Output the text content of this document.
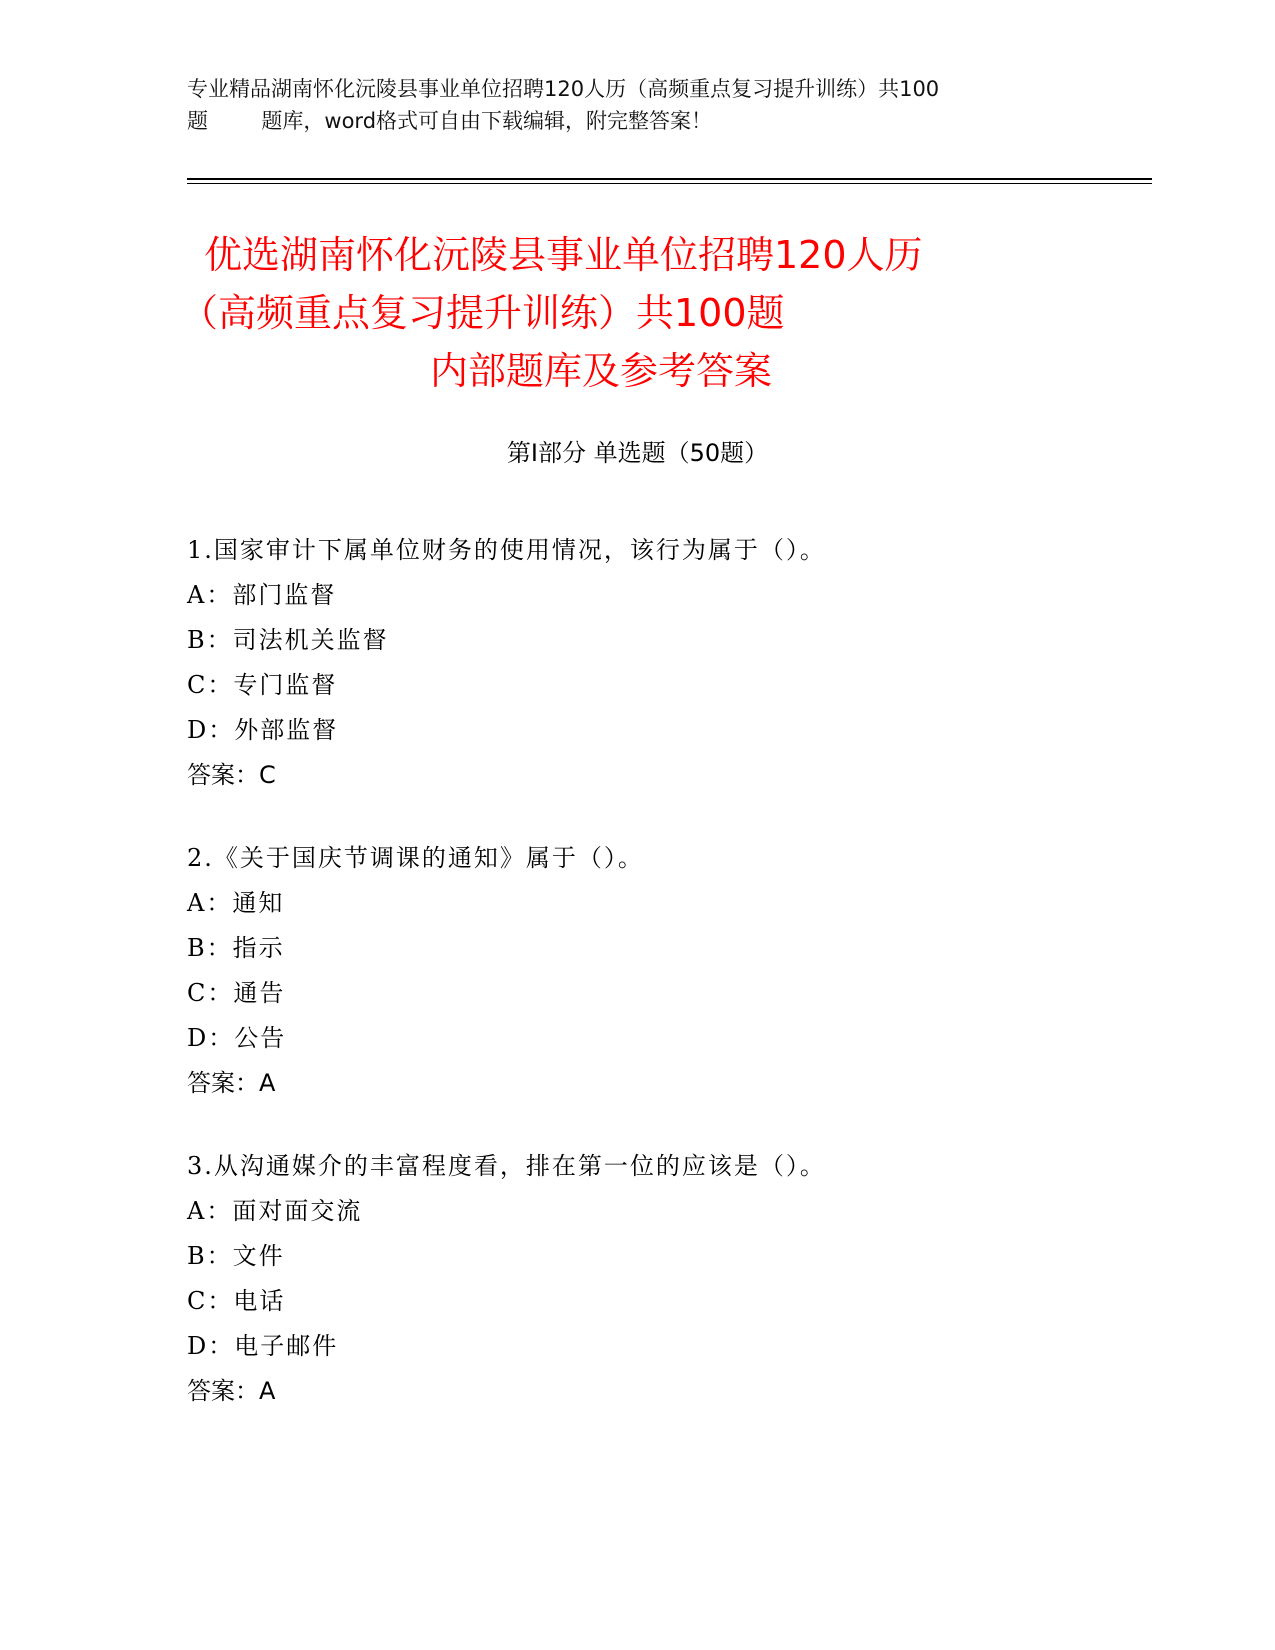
专业精品湖南怀化沅陵县事业单位招聘120人历（高频重点复习提升训练）共100
题        题库，word格式可自由下载编辑，附完整答案！
优选湖南怀化沅陵县事业单位招聘120人历
（高频重点复习提升训练）共100题
内部题库及参考答案
第Ⅰ部分 单选题（50题）
1.国家审计下属单位财务的使用情况，该行为属于（）。
A：部门监督
B：司法机关监督
C：专门监督
D：外部监督
答案：C
2.《关于国庆节调课的通知》属于（）。
A：通知
B：指示
C：通告
D：公告
答案：A
3.从沟通媒介的丰富程度看，排在第一位的应该是（）。
A：面对面交流
B：文件
C：电话
D：电子邮件
答案：A
